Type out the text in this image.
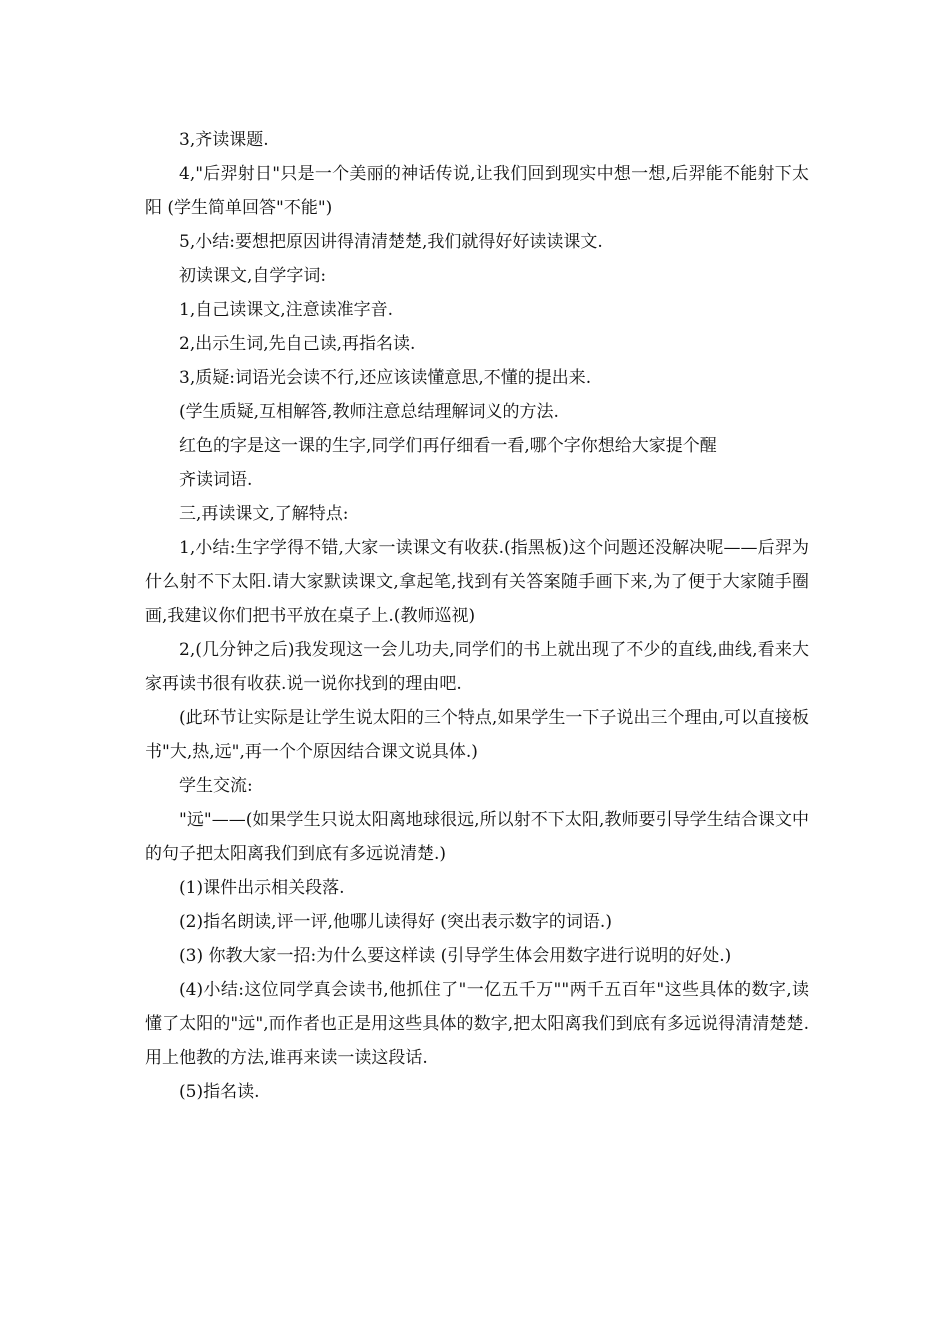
3,齐读课题.

4,"后羿射日"只是一个美丽的神话传说,让我们回到现实中想一想,后羿能不能射下太阳 (学生简单回答"不能")

5,小结:要想把原因讲得清清楚楚,我们就得好好读读课文.

初读课文,自学字词:

1,自己读课文,注意读准字音.

2,出示生词,先自己读,再指名读.

3,质疑:词语光会读不行,还应该读懂意思,不懂的提出来.

(学生质疑,互相解答,教师注意总结理解词义的方法.

红色的字是这一课的生字,同学们再仔细看一看,哪个字你想给大家提个醒

齐读词语.

三,再读课文,了解特点:

1,小结:生字学得不错,大家一读课文有收获.(指黑板)这个问题还没解决呢——后羿为什么射不下太阳.请大家默读课文,拿起笔,找到有关答案随手画下来,为了便于大家随手圈画,我建议你们把书平放在桌子上.(教师巡视)

2,(几分钟之后)我发现这一会儿功夫,同学们的书上就出现了不少的直线,曲线,看来大家再读书很有收获.说一说你找到的理由吧.

(此环节让实际是让学生说太阳的三个特点,如果学生一下子说出三个理由,可以直接板书"大,热,远",再一个个原因结合课文说具体.)

学生交流:

"远"——(如果学生只说太阳离地球很远,所以射不下太阳,教师要引导学生结合课文中的句子把太阳离我们到底有多远说清楚.)

(1)课件出示相关段落.

(2)指名朗读,评一评,他哪儿读得好 (突出表示数字的词语.)

(3) 你教大家一招:为什么要这样读 (引导学生体会用数字进行说明的好处.)

(4)小结:这位同学真会读书,他抓住了"一亿五千万""两千五百年"这些具体的数字,读懂了太阳的"远",而作者也正是用这些具体的数字,把太阳离我们到底有多远说得清清楚楚.用上他教的方法,谁再来读一读这段话.

(5)指名读.
